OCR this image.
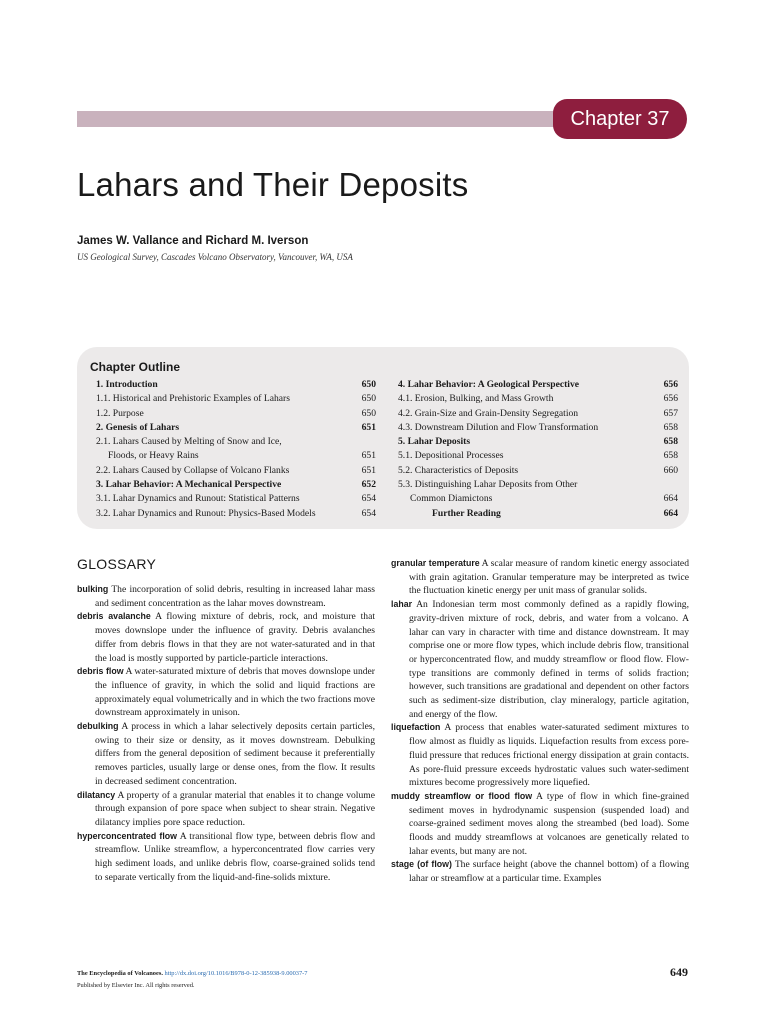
Chapter 37
Lahars and Their Deposits
James W. Vallance and Richard M. Iverson
US Geological Survey, Cascades Volcano Observatory, Vancouver, WA, USA
Chapter Outline
1. Introduction	650
1.1. Historical and Prehistoric Examples of Lahars	650
1.2. Purpose	650
2. Genesis of Lahars	651
2.1. Lahars Caused by Melting of Snow and Ice,
Floods, or Heavy Rains	651
2.2. Lahars Caused by Collapse of Volcano Flanks	651
3. Lahar Behavior: A Mechanical Perspective	652
3.1. Lahar Dynamics and Runout: Statistical Patterns	654
3.2. Lahar Dynamics and Runout: Physics-Based Models	654
4. Lahar Behavior: A Geological Perspective	656
4.1. Erosion, Bulking, and Mass Growth	656
4.2. Grain-Size and Grain-Density Segregation	657
4.3. Downstream Dilution and Flow Transformation	658
5. Lahar Deposits	658
5.1. Depositional Processes	658
5.2. Characteristics of Deposits	660
5.3. Distinguishing Lahar Deposits from Other
Common Diamictons	664
Further Reading	664
GLOSSARY

bulking The incorporation of solid debris, resulting in increased lahar mass and sediment concentration as the lahar moves downstream.

debris avalanche A flowing mixture of debris, rock, and moisture that moves downslope under the influence of gravity. Debris avalanches differ from debris flows in that they are not water-saturated and in that the load is mostly supported by particle-particle interactions.

debris flow A water-saturated mixture of debris that moves downslope under the influence of gravity, in which the solid and liquid fractions are approximately equal volumetrically and in which the two fractions move downstream approximately in unison.

debulking A process in which a lahar selectively deposits certain particles, owing to their size or density, as it moves downstream. Debulking differs from the general deposition of sediment because it preferentially removes particles, usually large or dense ones, from the flow. It results in decreased sediment concentration.

dilatancy A property of a granular material that enables it to change volume through expansion of pore space when subject to shear strain. Negative dilatancy implies pore space reduction.

hyperconcentrated flow A transitional flow type, between debris flow and streamflow. Unlike streamflow, a hyperconcentrated flow carries very high sediment loads, and unlike debris flow, coarse-grained solids tend to separate vertically from the liquid-and-fine-solids mixture.

granular temperature A scalar measure of random kinetic energy associated with grain agitation. Granular temperature may be interpreted as twice the fluctuation kinetic energy per unit mass of granular solids.

lahar An Indonesian term most commonly defined as a rapidly flowing, gravity-driven mixture of rock, debris, and water from a volcano. A lahar can vary in character with time and distance downstream. It may comprise one or more flow types, which include debris flow, transitional or hyperconcentrated flow, and muddy streamflow or flood flow. Flow-type transitions are commonly defined in terms of solids fraction; however, such transitions are gradational and dependent on other factors such as sediment-size distribution, clay mineralogy, particle agitation, and energy of the flow.

liquefaction A process that enables water-saturated sediment mixtures to flow almost as fluidly as liquids. Liquefaction results from excess pore-fluid pressure that reduces frictional energy dissipation at grain contacts. As pore-fluid pressure exceeds hydrostatic values such water-sediment mixtures become progressively more liquefied.

muddy streamflow or flood flow A type of flow in which fine-grained sediment moves in hydrodynamic suspension (suspended load) and coarse-grained sediment moves along the streambed (bed load). Some floods and muddy streamflows at volcanoes are genetically related to lahar events, but many are not.

stage (of flow) The surface height (above the channel bottom) of a flowing lahar or streamflow at a particular time. Examples

The Encyclopedia of Volcanoes. http://dx.doi.org/10.1016/B978-0-12-385938-9.00037-7
Published by Elsevier Inc. All rights reserved.
649
